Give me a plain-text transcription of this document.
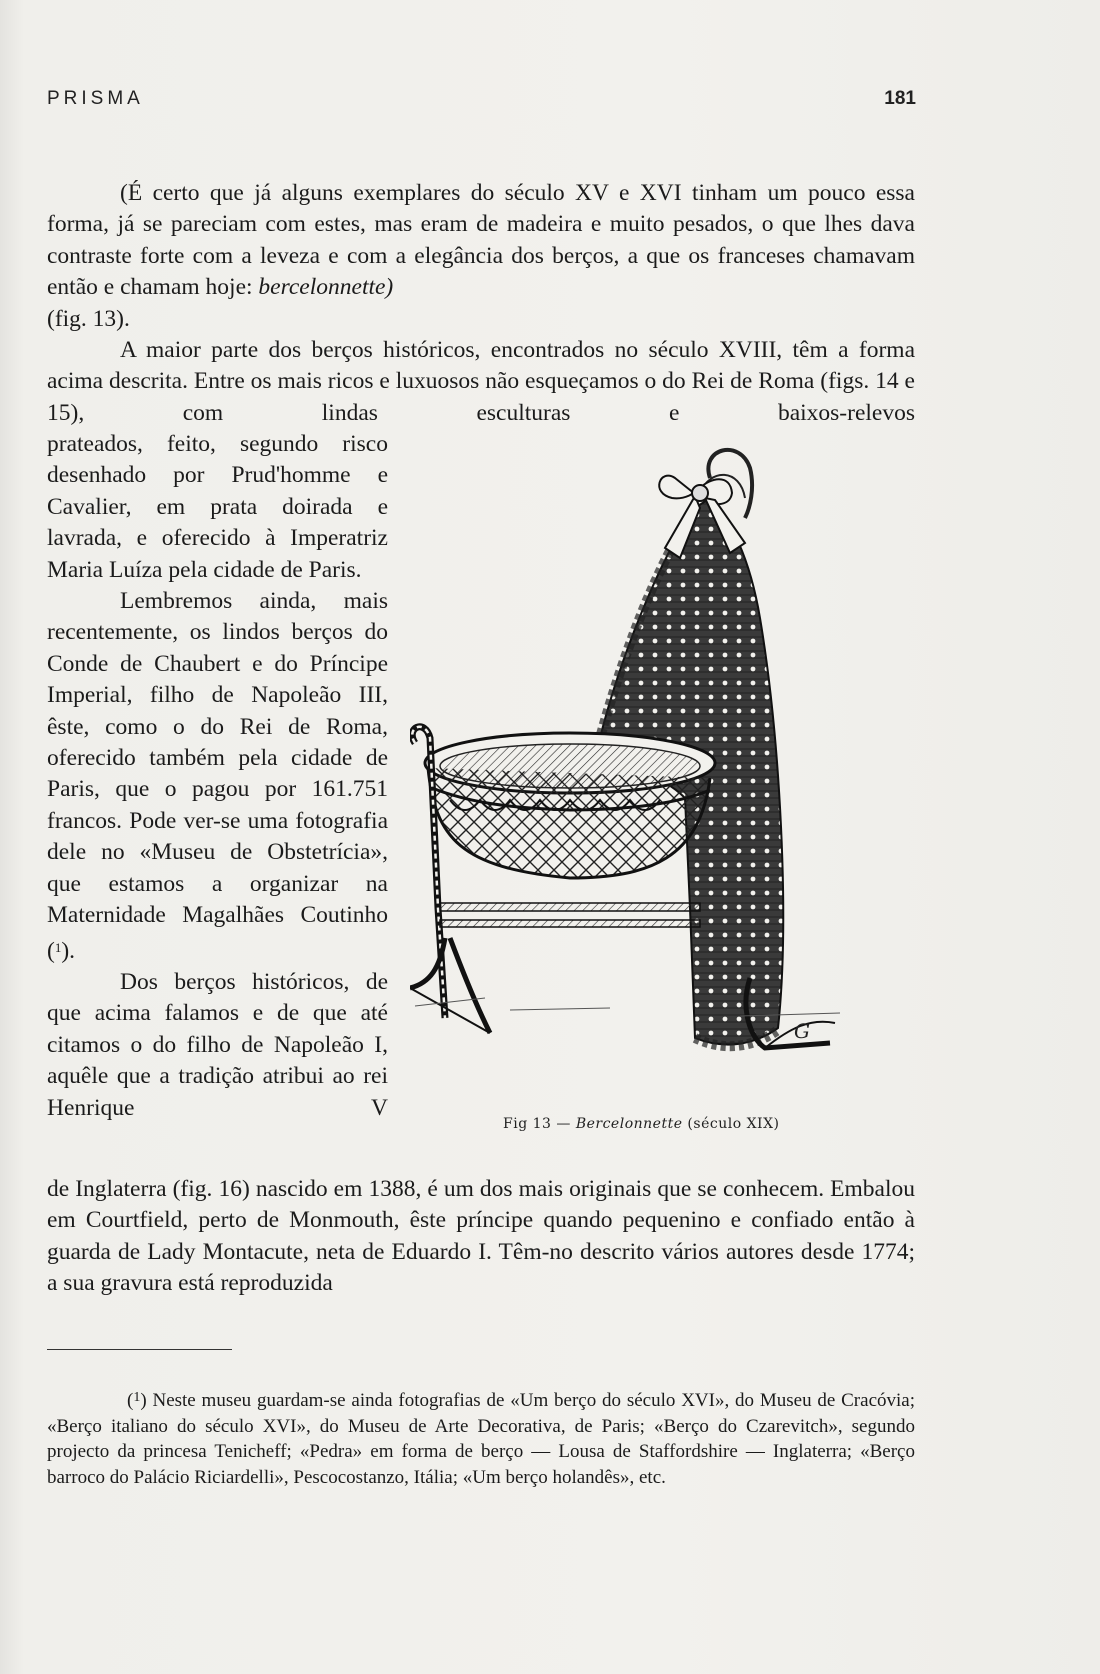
PRISMA	181

(É certo que já alguns exemplares do século XV e XVI tinham um pouco essa forma, já se pareciam com estes, mas eram de madeira e muito pesados, o que lhes dava contraste forte com a leveza e com a elegância dos berços, a que os franceses chamavam então e chamam hoje: bercelonnette)
(fig. 13).

A maior parte dos berços históricos, encontrados no século XVIII, têm a forma acima descrita. Entre os mais ricos e luxuosos não esqueçamos o do Rei de Roma (figs. 14 e 15), com lindas esculturas e baixos-relevos

prateados, feito, segundo risco desenhado por Prud'homme e Cavalier, em prata doirada e lavrada, e oferecido à Imperatriz Maria Luíza pela cidade de Paris.

Lembremos ainda, mais recentemente, os lindos berços do Conde de Chaubert e do Príncipe Imperial, filho de Napoleão III, êste, como o do Rei de Roma, oferecido também pela cidade de Paris, que o pagou por 161.751 francos. Pode ver-se uma fotografia dele no «Museu de Obstetrícia», que estamos a organizar na Maternidade Magalhães Coutinho ($^1$).

Dos berços históricos, de que acima falamos e de que até citamos o do filho de Napoleão I, aquêle que a tradição atribui ao rei Henrique V

G
Fig 13 — Bercelonnette (século XIX)

de Inglaterra (fig. 16) nascido em 1388, é um dos mais originais que se conhecem. Embalou em Courtfield, perto de Monmouth, êste príncipe quando pequenino e confiado então à guarda de Lady Montacute, neta de Eduardo I. Têm-no descrito vários autores desde 1774; a sua gravura está reproduzida

($^1$) Neste museu guardam-se ainda fotografias de «Um berço do século XVI», do Museu de Cracóvia; «Berço italiano do século XVI», do Museu de Arte Decorativa, de Paris; «Berço do Czarevitch», segundo projecto da princesa Tenicheff; «Pedra» em forma de berço — Lousa de Staffordshire — Inglaterra; «Berço barroco do Palácio Riciardelli», Pescocostanzo, Itália; «Um berço holandês», etc.
